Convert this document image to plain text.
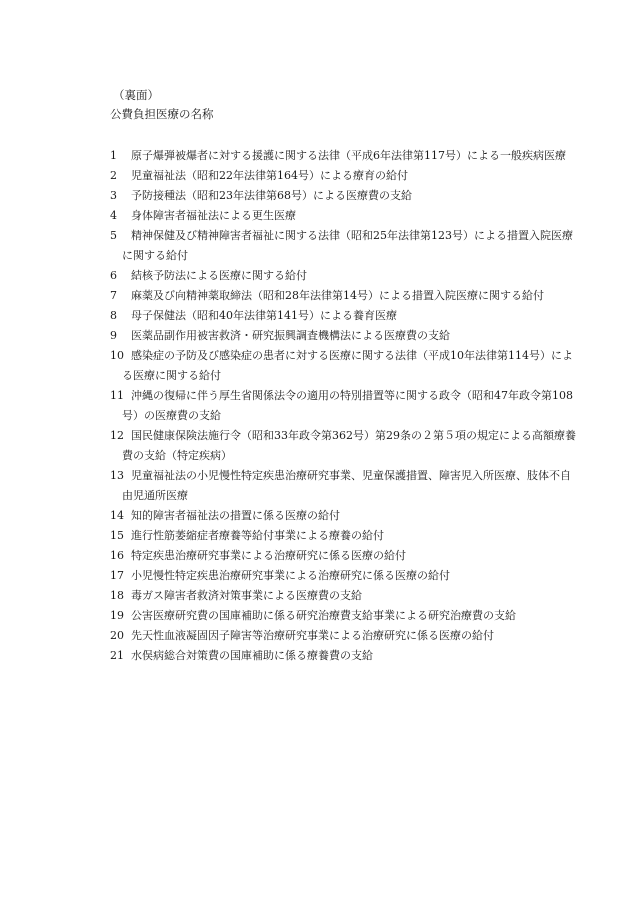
（裏面）
公費負担医療の名称
1 原子爆弾被爆者に対する援護に関する法律（平成6年法律第117号）による一般疾病医療
2 児童福祉法（昭和22年法律第164号）による療育の給付
3 予防接種法（昭和23年法律第68号）による医療費の支給
4 身体障害者福祉法による更生医療
5 精神保健及び精神障害者福祉に関する法律（昭和25年法律第123号）による措置入院医療に関する給付
6 結核予防法による医療に関する給付
7 麻薬及び向精神薬取締法（昭和28年法律第14号）による措置入院医療に関する給付
8 母子保健法（昭和40年法律第141号）による養育医療
9 医薬品副作用被害救済・研究振興調査機構法による医療費の支給
10 感染症の予防及び感染症の患者に対する医療に関する法律（平成10年法律第114号）による医療に関する給付
11 沖縄の復帰に伴う厚生省関係法令の適用の特別措置等に関する政令（昭和47年政令第108号）の医療費の支給
12 国民健康保険法施行令（昭和33年政令第362号）第29条の２第５項の規定による高額療養費の支給（特定疾病）
13 児童福祉法の小児慢性特定疾患治療研究事業、児童保護措置、障害児入所医療、肢体不自由児通所医療
14 知的障害者福祉法の措置に係る医療の給付
15 進行性筋萎縮症者療養等給付事業による療養の給付
16 特定疾患治療研究事業による治療研究に係る医療の給付
17 小児慢性特定疾患治療研究事業による治療研究に係る医療の給付
18 毒ガス障害者救済対策事業による医療費の支給
19 公害医療研究費の国庫補助に係る研究治療費支給事業による研究治療費の支給
20 先天性血液凝固因子障害等治療研究事業による治療研究に係る医療の給付
21 水俣病総合対策費の国庫補助に係る療養費の支給
